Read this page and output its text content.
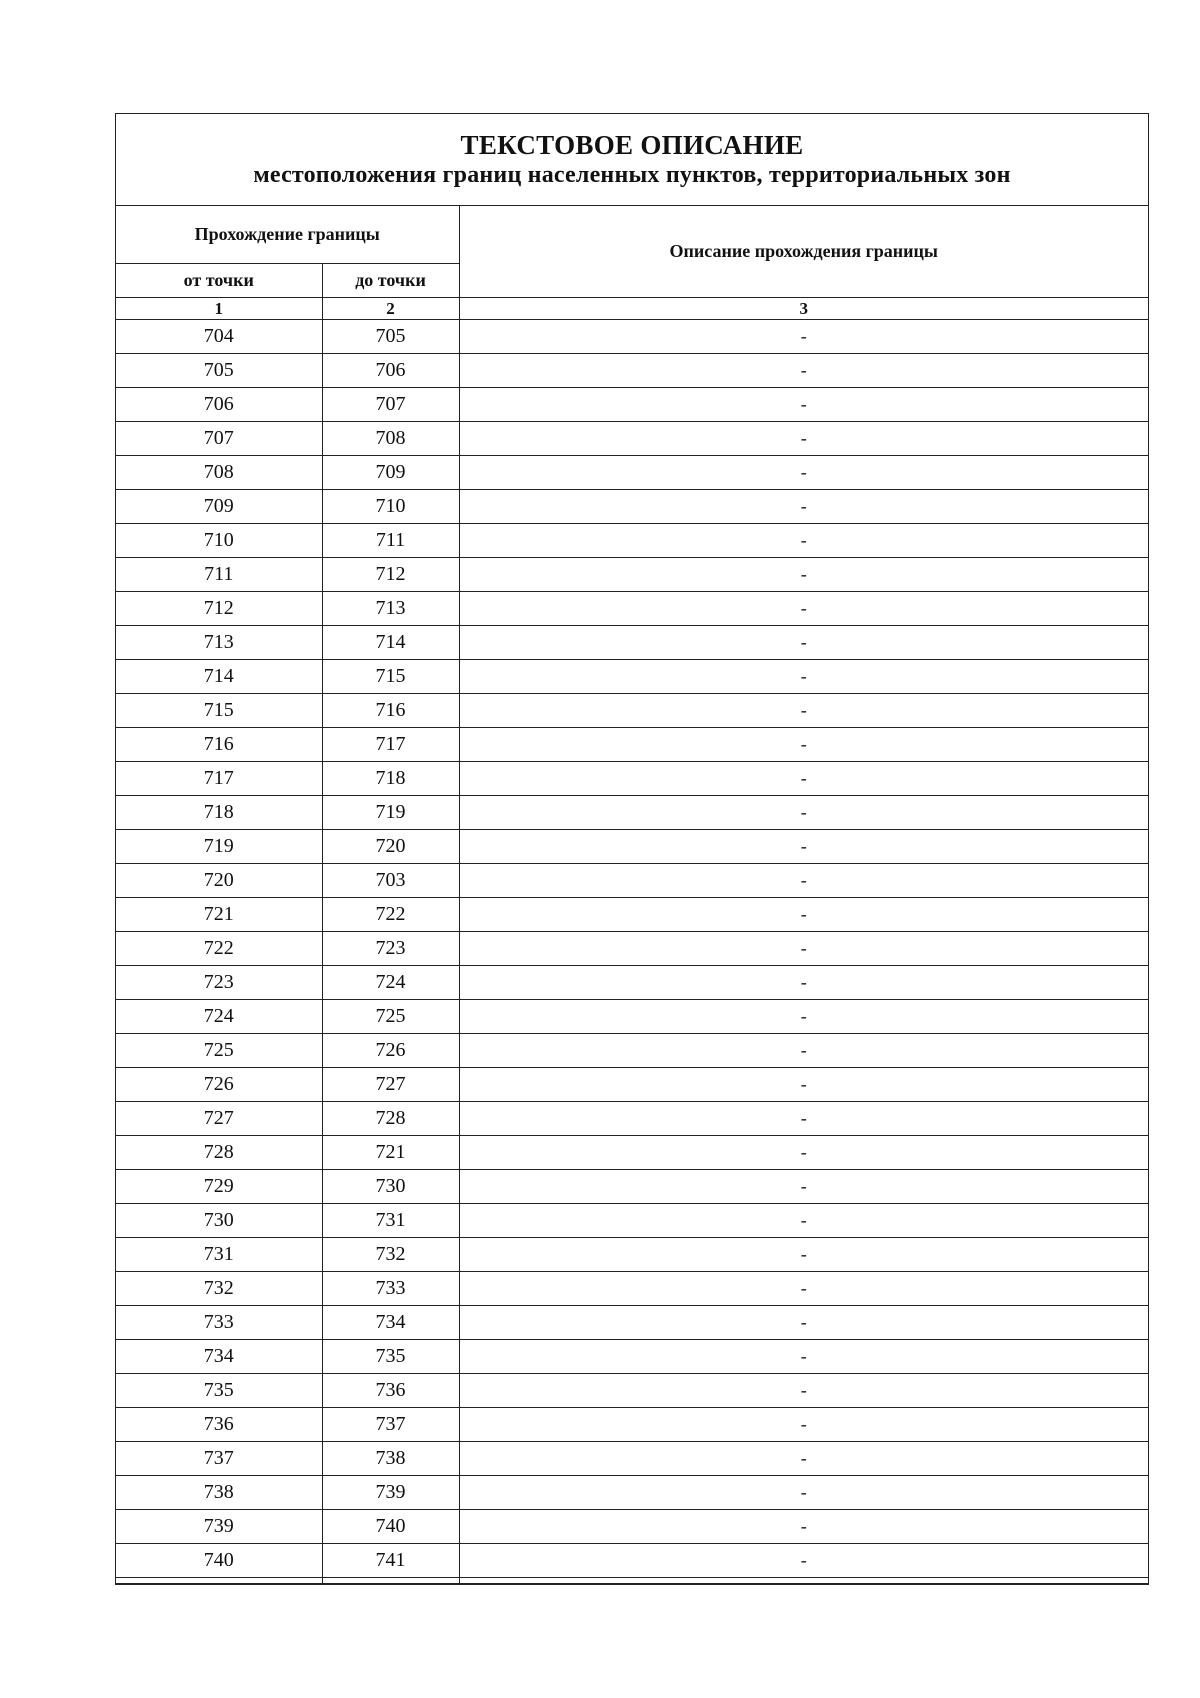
ТЕКСТОВОЕ ОПИСАНИЕ
местоположения границ населенных пунктов, территориальных зон
Прохождение границы		Описание прохождения границы
от точки	до точки	
1	2	3
704	705	-
705	706	-
706	707	-
707	708	-
708	709	-
709	710	-
710	711	-
711	712	-
712	713	-
713	714	-
714	715	-
715	716	-
716	717	-
717	718	-
718	719	-
719	720	-
720	703	-
721	722	-
722	723	-
723	724	-
724	725	-
725	726	-
726	727	-
727	728	-
728	721	-
729	730	-
730	731	-
731	732	-
732	733	-
733	734	-
734	735	-
735	736	-
736	737	-
737	738	-
738	739	-
739	740	-
740	741	-
